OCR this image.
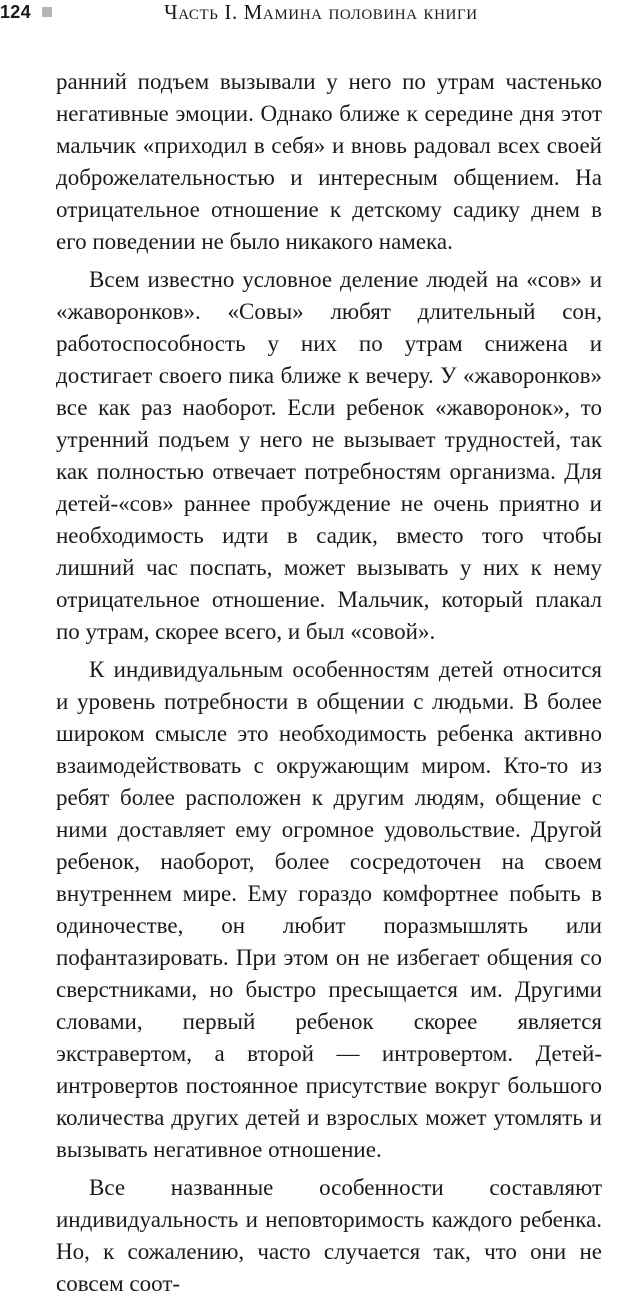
124	Часть I. Мамина половина книги

ранний подъем вызывали у него по утрам частенько негативные эмоции. Однако ближе к середине дня этот мальчик «приходил в себя» и вновь радовал всех своей доброжелательностью и интересным общением. На отрицательное отношение к детскому садику днем в его поведении не было никакого намека.

Всем известно условное деление людей на «сов» и «жаворонков». «Совы» любят длительный сон, работоспособность у них по утрам снижена и достигает своего пика ближе к вечеру. У «жаворонков» все как раз наоборот. Если ребенок «жаворонок», то утренний подъем у него не вызывает трудностей, так как полностью отвечает потребностям организма. Для детей-«сов» раннее пробуждение не очень приятно и необходимость идти в садик, вместо того чтобы лишний час поспать, может вызывать у них к нему отрицательное отношение. Мальчик, который плакал по утрам, скорее всего, и был «совой».

К индивидуальным особенностям детей относится и уровень потребности в общении с людьми. В более широком смысле это необходимость ребенка активно взаимодействовать с окружающим миром. Кто-то из ребят более расположен к другим людям, общение с ними доставляет ему огромное удовольствие. Другой ребенок, наоборот, более сосредоточен на своем внутреннем мире. Ему гораздо комфортнее побыть в одиночестве, он любит поразмышлять или пофантазировать. При этом он не избегает общения со сверстниками, но быстро пресыщается им. Другими словами, первый ребенок скорее является экстравертом, а второй — интровертом. Детей-интровертов постоянное присутствие вокруг большого количества других детей и взрослых может утомлять и вызывать негативное отношение.

Все названные особенности составляют индивидуальность и неповторимость каждого ребенка. Но, к сожалению, часто случается так, что они не совсем соот-
